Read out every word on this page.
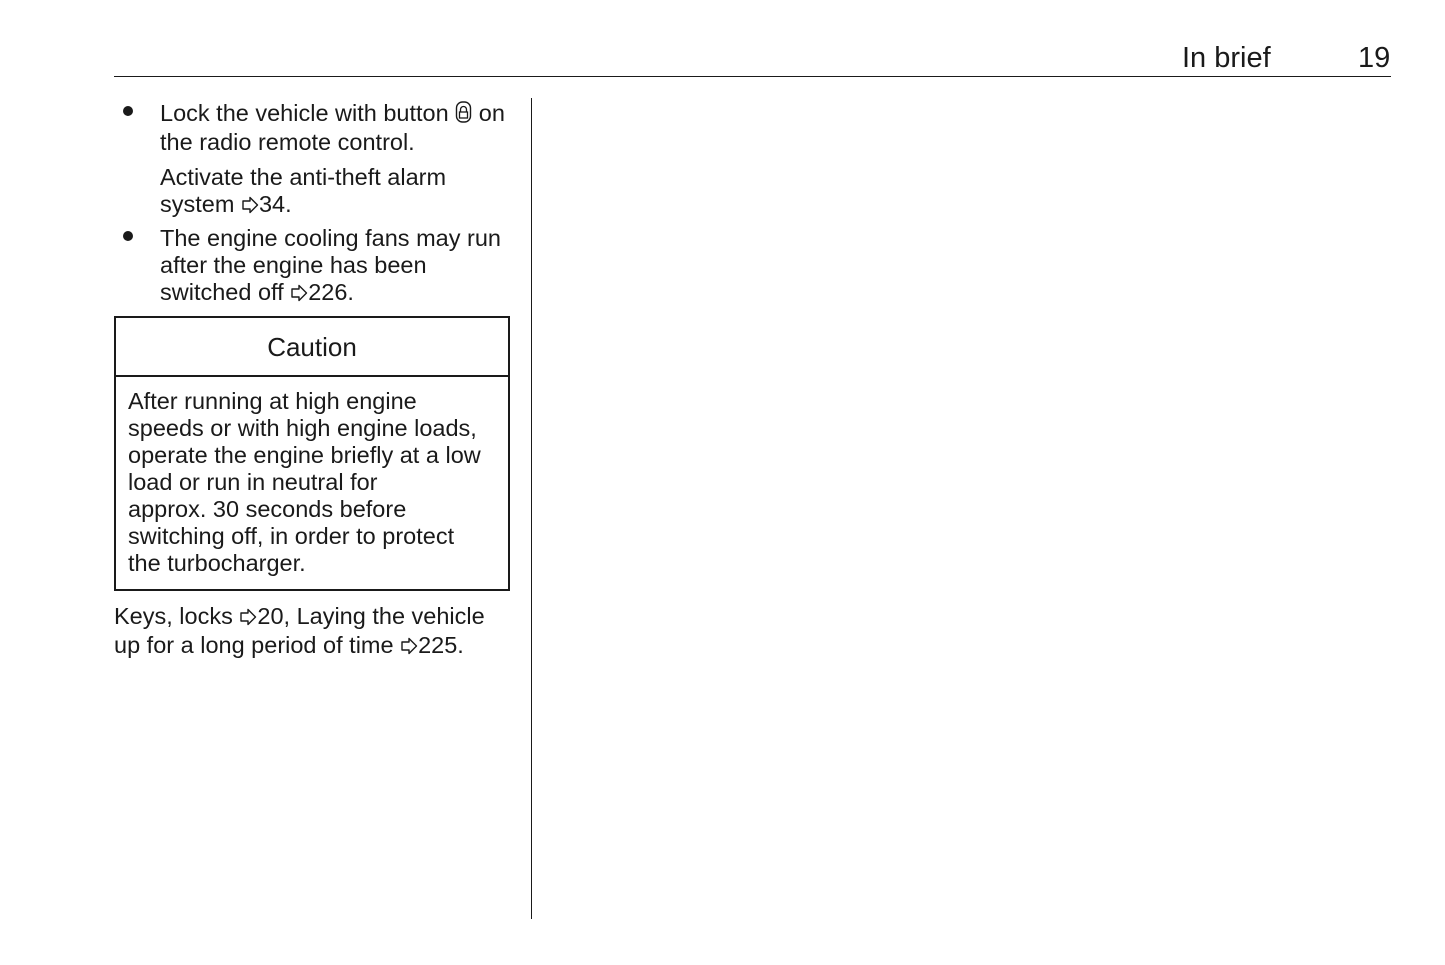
In brief	19

Lock the vehicle with button on

the radio remote control.

Activate the anti-theft alarm

system 34.

The engine cooling fans may run

after the engine has been

switched off 226.

Caution
After running at high engine
speeds or with high engine loads,
operate the engine briefly at a low
load or run in neutral for
approx. 30 seconds before
switching off, in order to protect
the turbocharger.
Keys, locks 20, Laying the vehicle
up for a long period of time 225.
